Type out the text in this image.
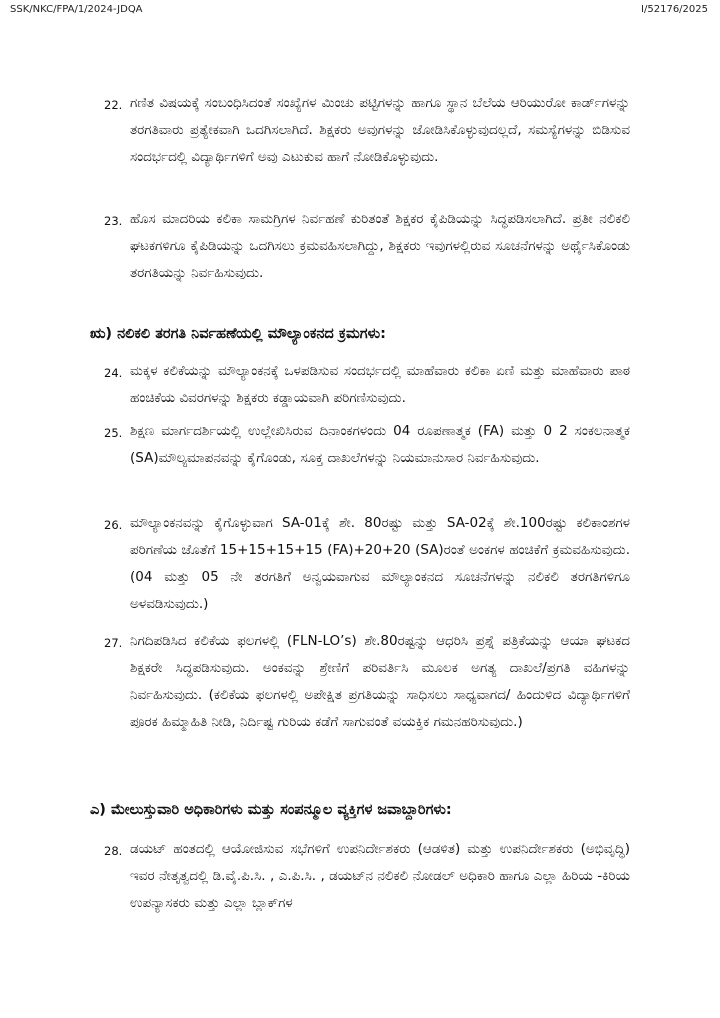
SSK/NKC/FPA/1/2024-JDQA	I/52176/2025
22. ಗಣಿತ ವಿಷಯಕ್ಕೆ ಸಂಬಂಧಿಸಿದಂತೆ ಸಂಖ್ಯೆಗಳ ಮಿಂಚು ಪಟ್ಟಿಗಳನ್ನು ಹಾಗೂ ಸ್ಥಾನ ಬೆಲೆಯ ಆರಿಯುರೋ ಕಾರ್ಡ್‌ಗಳನ್ನು ತರಗತಿವಾರು ಪ್ರತ್ಯೇಕವಾಗಿ ಒದಗಿಸಲಾಗಿದೆ. ಶಿಕ್ಷಕರು ಅವುಗಳನ್ನು ಜೋಡಿಸಿಕೊಳ್ಳುವುದಲ್ಲದೆ, ಸಮಸ್ಯೆಗಳನ್ನು ಬಿಡಿಸುವ ಸಂದರ್ಭದಲ್ಲಿ ವಿದ್ಯಾರ್ಥಿಗಳಿಗೆ ಅವು ಎಟುಕುವ ಹಾಗೆ ನೋಡಿಕೊಳ್ಳುವುದು.
23. ಹೊಸ ಮಾದರಿಯ ಕಲಿಕಾ ಸಾಮಗ್ರಿಗಳ ನಿರ್ವಹಣೆ ಕುರಿತಂತೆ ಶಿಕ್ಷಕರ ಕೈಪಿಡಿಯನ್ನು ಸಿದ್ಧಪಡಿಸಲಾಗಿದೆ. ಪ್ರತೀ ನಲಿಕಲಿ ಘಟಕಗಳಿಗೂ ಕೈಪಿಡಿಯನ್ನು ಒದಗಿಸಲು ಕ್ರಮವಹಿಸಲಾಗಿದ್ದು, ಶಿಕ್ಷಕರು ಇವುಗಳಲ್ಲಿರುವ ಸೂಚನೆಗಳನ್ನು ಅರ್ಥೈಸಿಕೊಂಡು ತರಗತಿಯನ್ನು ನಿರ್ವಹಿಸುವುದು.
ಋ) ನಲಿಕಲಿ ತರಗತಿ ನಿರ್ವಹಣೆಯಲ್ಲಿ ಮೌಲ್ಯಾಂಕನದ ಕ್ರಮಗಳು:
24. ಮಕ್ಕಳ ಕಲಿಕೆಯನ್ನು ಮೌಲ್ಯಾಂಕನಕ್ಕೆ ಒಳಪಡಿಸುವ ಸಂದರ್ಭದಲ್ಲಿ ಮಾಹೆವಾರು ಕಲಿಕಾ ಏಣಿ ಮತ್ತು ಮಾಹೆವಾರು ಪಾಠ ಹಂಚಿಕೆಯ ವಿವರಗಳನ್ನು ಶಿಕ್ಷಕರು ಕಡ್ಡಾಯವಾಗಿ ಪರಿಗಣಿಸುವುದು.
25. ಶಿಕ್ಷಣ ಮಾರ್ಗದರ್ಶಿಯಲ್ಲಿ ಉಲ್ಲೇಖಿಸಿರುವ ದಿನಾಂಕಗಳಂದು 04 ರೂಪಣಾತ್ಮಕ (FA) ಮತ್ತು 0 2 ಸಂಕಲನಾತ್ಮಕ (SA)ಮೌಲ್ಯಮಾಪನವನ್ನು ಕೈಗೊಂಡು, ಸೂಕ್ತ ದಾಖಲೆಗಳನ್ನು ನಿಯಮಾನುಸಾರ ನಿರ್ವಹಿಸುವುದು.
26. ಮೌಲ್ಯಾಂಕನವನ್ನು ಕೈಗೊಳ್ಳುವಾಗ SA-01ಕ್ಕೆ ಶೇ. 80ರಷ್ಟು ಮತ್ತು SA-02ಕ್ಕೆ ಶೇ.100ರಷ್ಟು ಕಲಿಕಾಂಶಗಳ ಪರಿಗಣೆಯ ಜೊತೆಗೆ 15+15+15+15 (FA)+20+20 (SA)ರಂತೆ ಅಂಕಗಳ ಹಂಚಿಕೆಗೆ ಕ್ರಮವಹಿಸುವುದು. (04 ಮತ್ತು 05 ನೇ ತರಗತಿಗೆ ಅನ್ವಯವಾಗುವ ಮೌಲ್ಯಾಂಕನದ ಸೂಚನೆಗಳನ್ನು ನಲಿಕಲಿ ತರಗತಿಗಳಿಗೂ ಅಳವಡಿಸುವುದು.)
27. ನಿಗದಿಪಡಿಸಿದ ಕಲಿಕೆಯ ಫಲಗಳಲ್ಲಿ (FLN-LO’s) ಶೇ.80ರಷ್ಟನ್ನು ಆಧರಿಸಿ ಪ್ರಶ್ನೆ ಪತ್ರಿಕೆಯನ್ನು ಆಯಾ ಘಟಕದ ಶಿಕ್ಷಕರೇ ಸಿದ್ಧಪಡಿಸುವುದು. ಅಂಕವನ್ನು ಶ್ರೇಣಿಗೆ ಪರಿವರ್ತಿಸಿ ಮೂಲಕ ಅಗತ್ಯ ದಾಖಲೆ/ಪ್ರಗತಿ ವಹಿಗಳನ್ನು ನಿರ್ವಹಿಸುವುದು. (ಕಲಿಕೆಯ ಫಲಗಳಲ್ಲಿ ಅಪೇಕ್ಷಿತ ಪ್ರಗತಿಯನ್ನು ಸಾಧಿಸಲು ಸಾಧ್ಯವಾಗದ/ ಹಿಂದುಳಿದ ವಿದ್ಯಾರ್ಥಿಗಳಿಗೆ ಪೂರಕ ಹಿಮ್ಮಾಹಿತಿ ನೀಡಿ, ನಿರ್ದಿಷ್ಟ ಗುರಿಯ ಕಡೆಗೆ ಸಾಗುವಂತೆ ವಯಕ್ತಿಕ ಗಮನಹರಿಸುವುದು.)
ಎ) ಮೇಲುಸ್ತುವಾರಿ ಅಧಿಕಾರಿಗಳು ಮತ್ತು ಸಂಪನ್ಮೂಲ ವ್ಯಕ್ತಿಗಳ ಜವಾಬ್ದಾರಿಗಳು:
28. ಡಯಟ್ ಹಂತದಲ್ಲಿ ಆಯೋಜಿಸುವ ಸಭೆಗಳಿಗೆ ಉಪನಿರ್ದೇಶಕರು (ಆಡಳಿತ) ಮತ್ತು ಉಪನಿರ್ದೇಶಕರು (ಅಭಿವೃದ್ಧಿ) ಇವರ ನೇತೃತ್ವದಲ್ಲಿ ಡಿ.ವೈ.ಪಿ.ಸಿ. , ಎ.ಪಿ.ಸಿ. , ಡಯಟ್‌ನ ನಲಿಕಲಿ ನೋಡಲ್ ಅಧಿಕಾರಿ ಹಾಗೂ ಎಲ್ಲಾ ಹಿರಿಯ -ಕಿರಿಯ ಉಪನ್ಯಾಸಕರು ಮತ್ತು ಎಲ್ಲಾ ಬ್ಲಾಕ್‌ಗಳ
